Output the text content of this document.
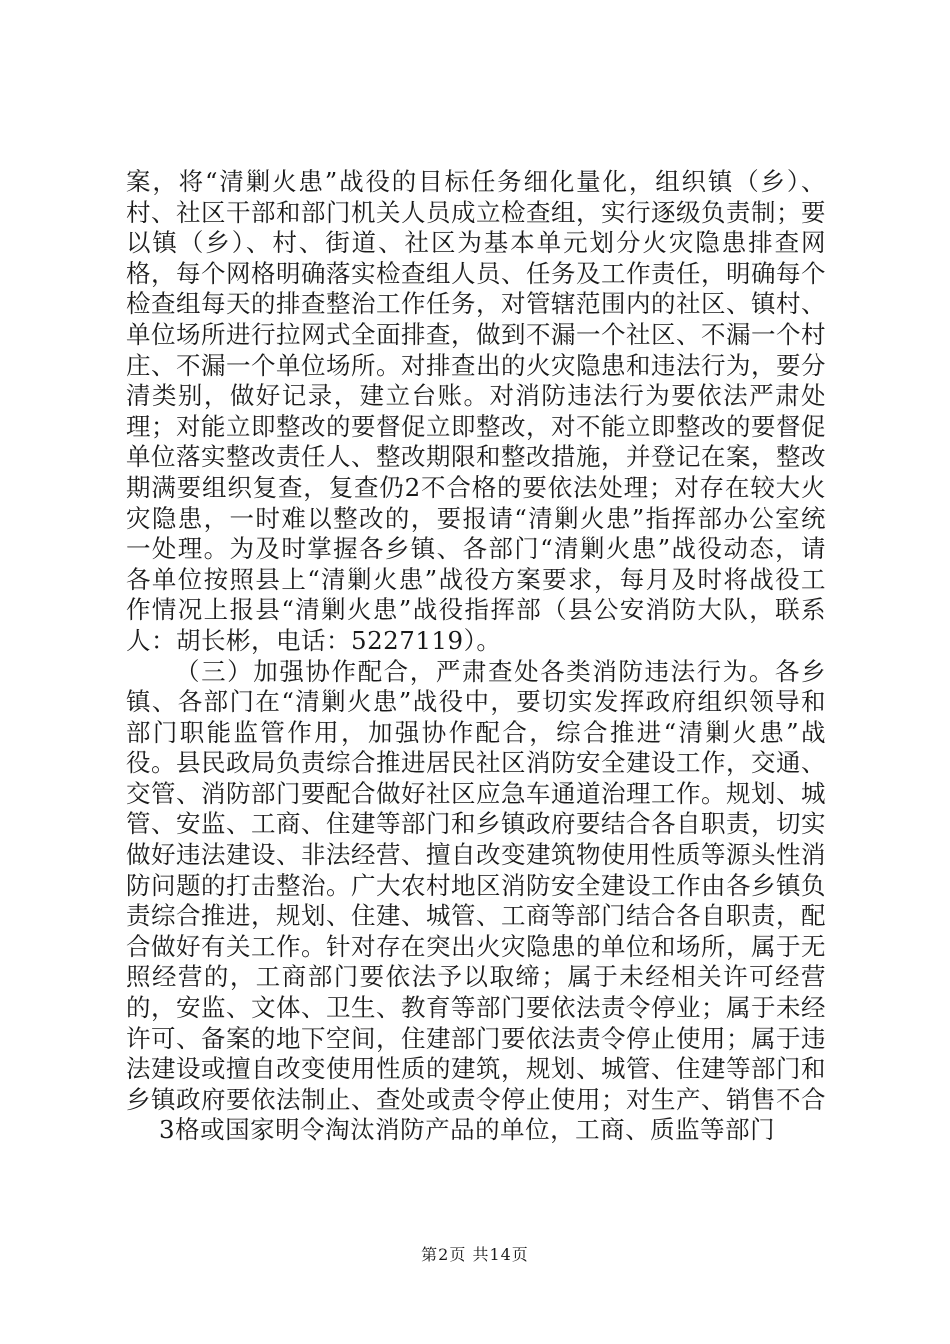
案，将“清剿火患”战役的目标任务细化量化，组织镇（乡）、村、社区干部和部门机关人员成立检查组，实行逐级负责制；要以镇（乡）、村、街道、社区为基本单元划分火灾隐患排查网格，每个网格明确落实检查组人员、任务及工作责任，明确每个检查组每天的排查整治工作任务，对管辖范围内的社区、镇村、单位场所进行拉网式全面排查，做到不漏一个社区、不漏一个村庄、不漏一个单位场所。对排查出的火灾隐患和违法行为，要分清类别，做好记录，建立台账。对消防违法行为要依法严肃处理；对能立即整改的要督促立即整改，对不能立即整改的要督促单位落实整改责任人、整改期限和整改措施，并登记在案，整改期满要组织复查，复查仍2不合格的要依法处理；对存在较大火灾隐患，一时难以整改的，要报请“清剿火患”指挥部办公室统一处理。为及时掌握各乡镇、各部门“清剿火患”战役动态，请各单位按照县上“清剿火患”战役方案要求，每月及时将战役工作情况上报县“清剿火患”战役指挥部（县公安消防大队，联系人：胡长彬，电话：5227119）。

（三）加强协作配合，严肃查处各类消防违法行为。各乡镇、各部门在“清剿火患”战役中，要切实发挥政府组织领导和部门职能监管作用，加强协作配合，综合推进“清剿火患”战役。县民政局负责综合推进居民社区消防安全建设工作，交通、交管、消防部门要配合做好社区应急车通道治理工作。规划、城管、安监、工商、住建等部门和乡镇政府要结合各自职责，切实做好违法建设、非法经营、擅自改变建筑物使用性质等源头性消防问题的打击整治。广大农村地区消防安全建设工作由各乡镇负责综合推进，规划、住建、城管、工商等部门结合各自职责，配合做好有关工作。针对存在突出火灾隐患的单位和场所，属于无照经营的，工商部门要依法予以取缔；属于未经相关许可经营的，安监、文体、卫生、教育等部门要依法责令停业；属于未经许可、备案的地下空间，住建部门要依法责令停止使用；属于违法建设或擅自改变使用性质的建筑，规划、城管、住建等部门和乡镇政府要依法制止、查处或责令停止使用；对生产、销售不合

3格或国家明令淘汰消防产品的单位，工商、质监等部门

第2页 共14页
